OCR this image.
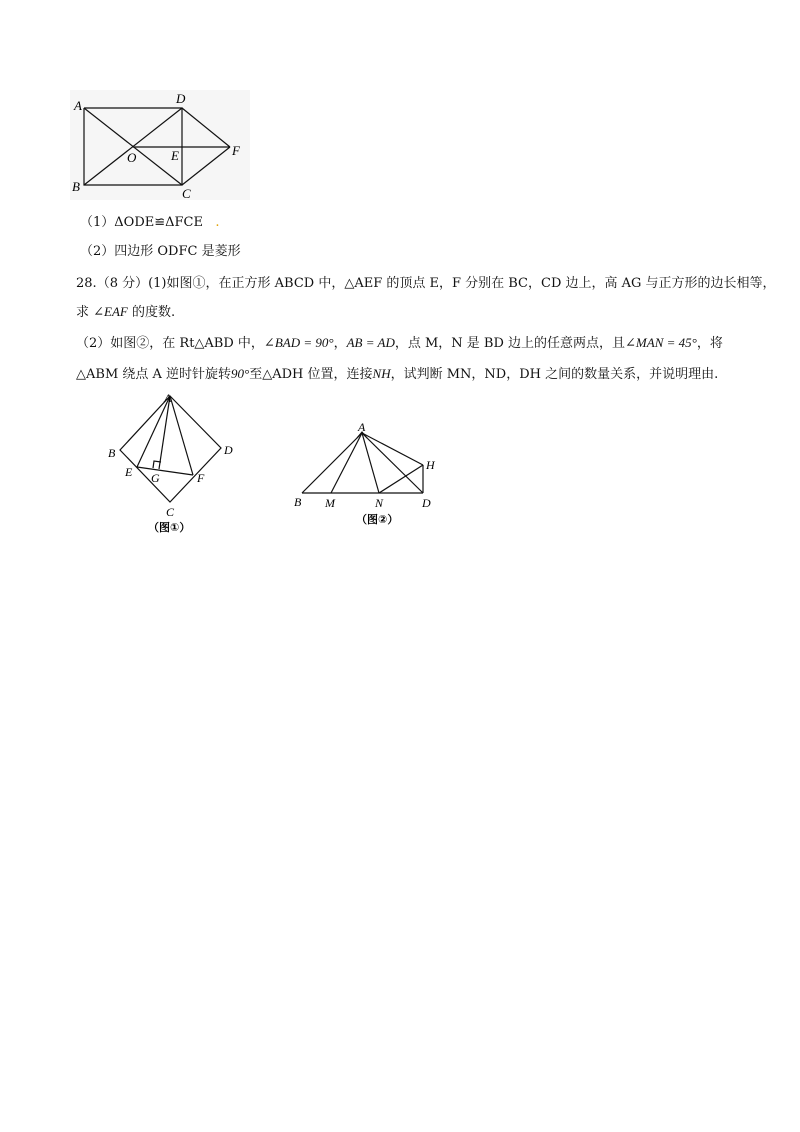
A	D
F
O	E
B	C
（1）ΔODE≌ΔFCE .
（2）四边形 ODFC 是菱形
28.（8 分）(1)如图①，在正方形 ABCD 中，△AEF 的顶点 E，F 分别在 BC，CD 边上，高 AG 与正方形的边长相等，
求 ∠EAF 的度数.
（2）如图②，在 Rt△ABD 中，∠BAD = 90°，AB = AD，点 M，N 是 BD 边上的任意两点，且∠MAN = 45°，将
△ABM 绕点 A 逆时针旋转90°至△ADH 位置，连接NH，试判断 MN，ND，DH 之间的数量关系，并说明理由.
A
B	D
E G	F
C
（图①）
A
H
B M	N	D
（图②）
